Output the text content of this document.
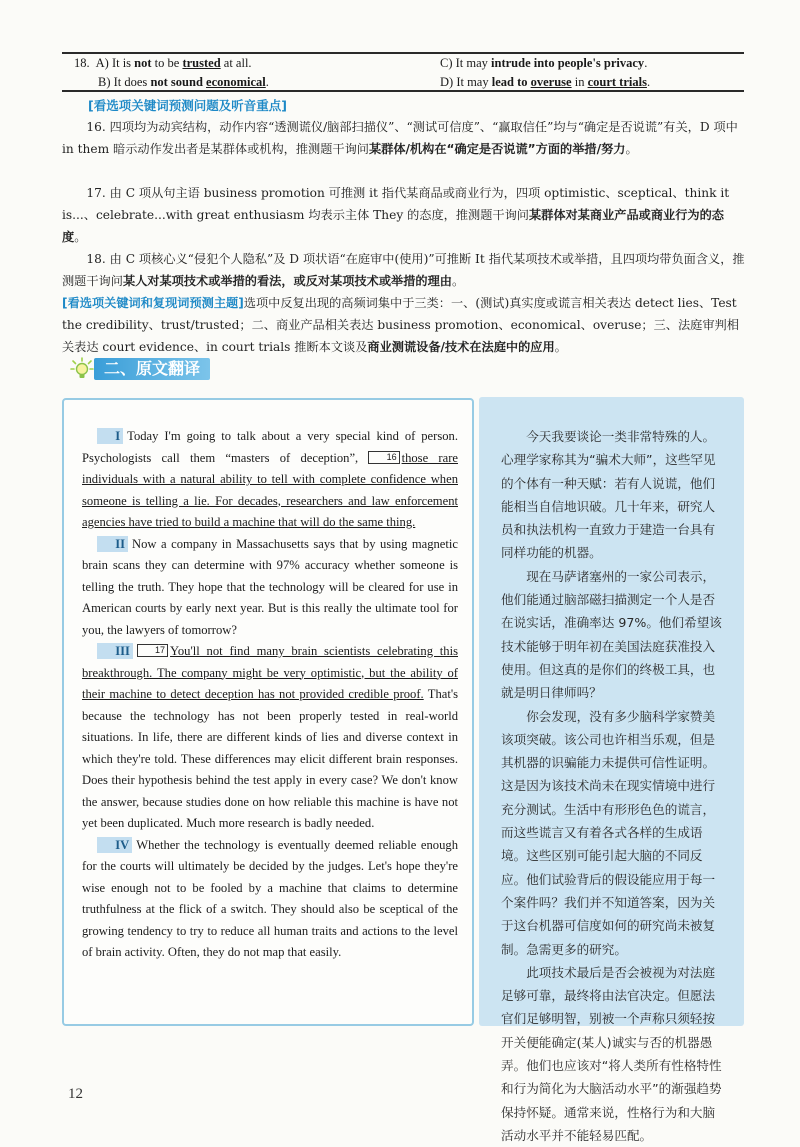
18. A) It is not to be trusted at all.	C) It may intrude into people's privacy.
B) It does not sound economical.	D) It may lead to overuse in court trials.
[看选项关键词预测问题及听音重点]
16. 四项均为动宾结构，动作内容“透测谎仪/脑部扫描仪”、“测试可信度”、“赢取信任”均与“确定是否说谎”有关，D 项中 in them 暗示动作发出者是某群体或机构，推测题干询问某群体/机构在“确定是否说谎”方面的举措/努力。
17. 由 C 项从句主语 business promotion 可推测 it 指代某商品或商业行为，四项 optimistic、sceptical、think it is...、celebrate...with great enthusiasm 均表示主体 They 的态度，推测题干询问某群体对某商业产品或商业行为的态度。
18. 由 C 项核心义“侵犯个人隐私”及 D 项状语“在庭审中(使用)”可推断 It 指代某项技术或举措，且四项均带负面含义，推测题干询问某人对某项技术或举措的看法，或反对某项技术或举措的理由。
[看选项关键词和复现词预测主题]选项中反复出现的高频词集中于三类：一、(测试)真实度或谎言相关表达 detect lies、Test the credibility、trust/trusted；二、商业产品相关表达 business promotion、economical、overuse；三、法庭审判相关表达 court evidence、in court trials 推断本文谈及商业测谎设备/技术在法庭中的应用。
二、原文翻译

I Today I'm going to talk about a very special kind of person. Psychologists call them “masters of deception”, 16 those rare individuals with a natural ability to tell with complete confidence when someone is telling a lie. For decades, researchers and law enforcement agencies have tried to build a machine that will do the same thing.

II Now a company in Massachusetts says that by using magnetic brain scans they can determine with 97% accuracy whether someone is telling the truth. They hope that the technology will be cleared for use in American courts by early next year. But is this really the ultimate tool for you, the lawyers of tomorrow?

III	17 You'll not find many brain scientists celebrating this breakthrough. The company might be very optimistic, but the ability of their machine to detect deception has not provided credible proof. That's because the technology has not been properly tested in real-world situations. In life, there are different kinds of lies and diverse context in which they're told. These differences may elicit different brain responses. Does their hypothesis behind the test apply in every case? We don't know the answer, because studies done on how reliable this machine is have not yet been duplicated. Much more research is badly needed.

IV Whether the technology is eventually deemed reliable enough for the courts will ultimately be decided by the judges. Let's hope they're wise enough not to be fooled by a machine that claims to determine truthfulness at the flick of a switch. They should also be sceptical of the growing tendency to try to reduce all human traits and actions to the level of brain activity. Often, they do not map that easily.

今天我要谈论一类非常特殊的人。心理学家称其为“骗术大师”，这些罕见的个体有一种天赋：若有人说谎，他们能相当自信地识破。几十年来，研究人员和执法机构一直致力于建造一台具有同样功能的机器。

现在马萨诸塞州的一家公司表示，他们能通过脑部磁扫描测定一个人是否在说实话，准确率达 97%。他们希望该技术能够于明年初在美国法庭获准投入使用。但这真的是你们的终极工具，也就是明日律师吗？

你会发现，没有多少脑科学家赞美该项突破。该公司也许相当乐观，但是其机器的识骗能力未提供可信性证明。这是因为该技术尚未在现实情境中进行充分测试。生活中有形形色色的谎言，而这些谎言又有着各式各样的生成语境。这些区别可能引起大脑的不同反应。他们试验背后的假设能应用于每一个案件吗？我们并不知道答案，因为关于这台机器可信度如何的研究尚未被复制。急需更多的研究。

此项技术最后是否会被视为对法庭足够可靠，最终将由法官决定。但愿法官们足够明智，别被一个声称只须轻按开关便能确定(某人)诚实与否的机器愚弄。他们也应该对“将人类所有性格特性和行为简化为大脑活动水平”的渐强趋势保持怀疑。通常来说，性格行为和大脑活动水平并不能轻易匹配。

12
